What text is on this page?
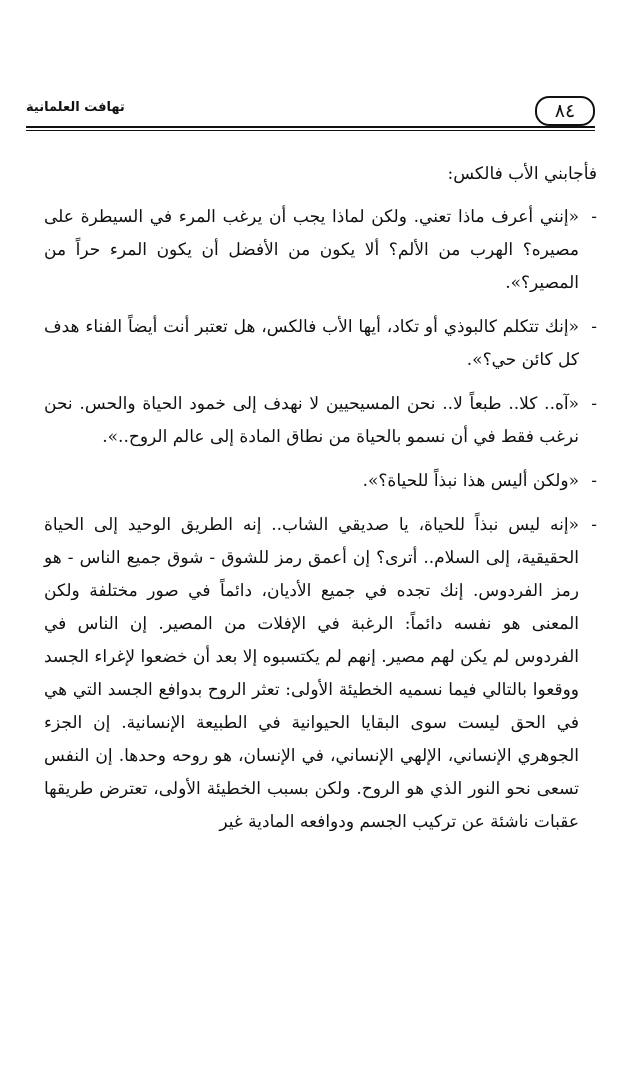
٨٤
تهافت العلمانية

فأجابني الأب فالكس:

-
«إنني أعرف ماذا تعني. ولكن لماذا يجب أن يرغب المرء في السيطرة على مصيره؟ الهرب من الألم؟ ألا يكون من الأفضل أن يكون المرء حراً من المصير؟».
-
«إنك تتكلم كالبوذي أو تكاد، أيها الأب فالكس، هل تعتبر أنت أيضاً الفناء هدف كل كائن حي؟».
-
«آه.. كلا.. طبعاً لا.. نحن المسيحيين لا نهدف إلى خمود الحياة والحس. نحن نرغب فقط في أن نسمو بالحياة من نطاق المادة إلى عالم الروح..».
-
«ولكن أليس هذا نبذاً للحياة؟».
-
«إنه ليس نبذاً للحياة، يا صديقي الشاب.. إنه الطريق الوحيد إلى الحياة الحقيقية، إلى السلام.. أترى؟ إن أعمق رمز للشوق - شوق جميع الناس - هو رمز الفردوس. إنك تجده في جميع الأديان، دائماً في صور مختلفة ولكن المعنى هو نفسه دائماً: الرغبة في الإفلات من المصير. إن الناس في الفردوس لم يكن لهم مصير. إنهم لم يكتسبوه إلا بعد أن خضعوا لإغراء الجسد ووقعوا بالتالي فيما نسميه الخطيئة الأولى: تعثر الروح بدوافع الجسد التي هي في الحق ليست سوى البقايا الحيوانية في الطبيعة الإنسانية. إن الجزء الجوهري الإنساني، الإلهي الإنساني، في الإنسان، هو روحه وحدها. إن النفس تسعى نحو النور الذي هو الروح. ولكن بسبب الخطيئة الأولى، تعترض طريقها عقبات ناشئة عن تركيب الجسم ودوافعه المادية غير
